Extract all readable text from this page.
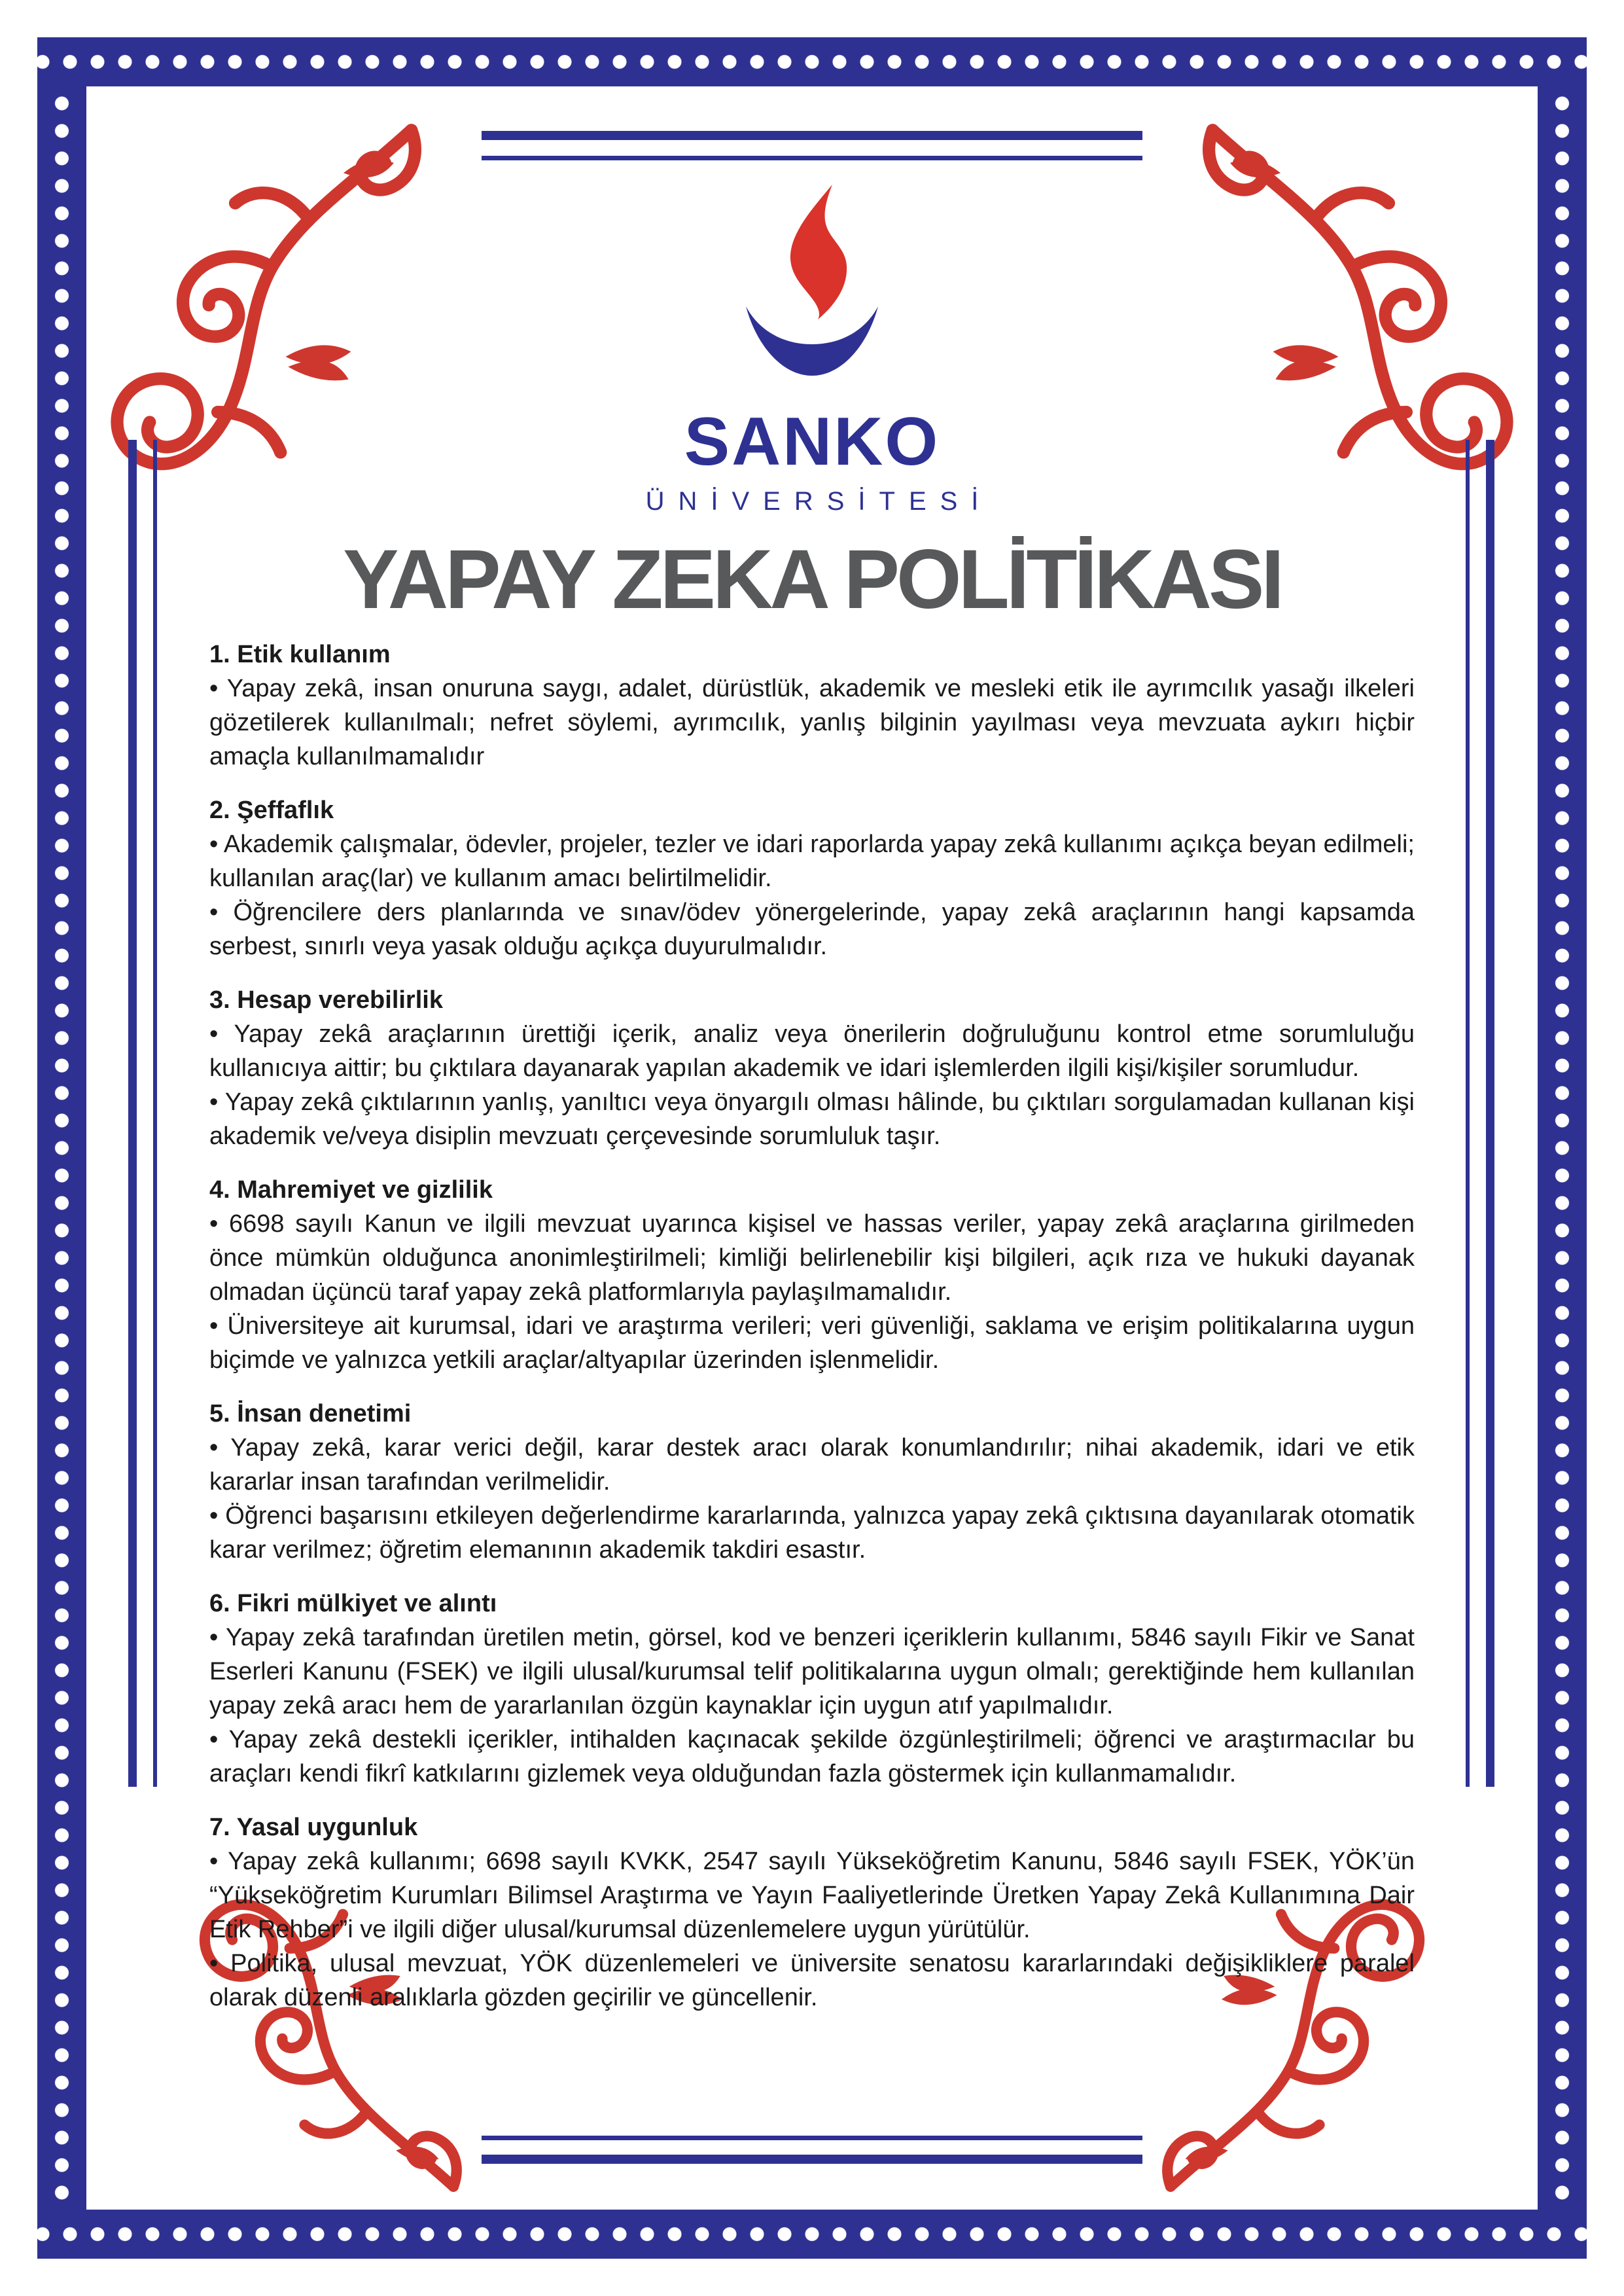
SANKO
ÜNİVERSİTESİ
YAPAY ZEKA POLİTİKASI
1. Etik kullanım

• Yapay zekâ, insan onuruna saygı, adalet, dürüstlük, akademik ve mesleki etik ile ayrımcılık yasağı ilkeleri gözetilerek kullanılmalı; nefret söylemi, ayrımcılık, yanlış bilginin yayılması veya mevzuata aykırı hiçbir amaçla kullanılmamalıdır

2. Şeffaflık

• Akademik çalışmalar, ödevler, projeler, tezler ve idari raporlarda yapay zekâ kullanımı açıkça beyan edilmeli; kullanılan araç(lar) ve kullanım amacı belirtilmelidir.

• Öğrencilere ders planlarında ve sınav/ödev yönergelerinde, yapay zekâ araçlarının hangi kapsamda serbest, sınırlı veya yasak olduğu açıkça duyurulmalıdır.

3. Hesap verebilirlik

• Yapay zekâ araçlarının ürettiği içerik, analiz veya önerilerin doğruluğunu kontrol etme sorumluluğu kullanıcıya aittir; bu çıktılara dayanarak yapılan akademik ve idari işlemlerden ilgili kişi/kişiler sorumludur.

• Yapay zekâ çıktılarının yanlış, yanıltıcı veya önyargılı olması hâlinde, bu çıktıları sorgulamadan kullanan kişi akademik ve/veya disiplin mevzuatı çerçevesinde sorumluluk taşır.

4. Mahremiyet ve gizlilik

• 6698 sayılı Kanun ve ilgili mevzuat uyarınca kişisel ve hassas veriler, yapay zekâ araçlarına girilmeden önce mümkün olduğunca anonimleştirilmeli; kimliği belirlenebilir kişi bilgileri, açık rıza ve hukuki dayanak olmadan üçüncü taraf yapay zekâ platformlarıyla paylaşılmamalıdır.

• Üniversiteye ait kurumsal, idari ve araştırma verileri; veri güvenliği, saklama ve erişim politikalarına uygun biçimde ve yalnızca yetkili araçlar/altyapılar üzerinden işlenmelidir.

5. İnsan denetimi

• Yapay zekâ, karar verici değil, karar destek aracı olarak konumlandırılır; nihai akademik, idari ve etik kararlar insan tarafından verilmelidir.

• Öğrenci başarısını etkileyen değerlendirme kararlarında, yalnızca yapay zekâ çıktısına dayanılarak otomatik karar verilmez; öğretim elemanının akademik takdiri esastır.

6. Fikri mülkiyet ve alıntı

• Yapay zekâ tarafından üretilen metin, görsel, kod ve benzeri içeriklerin kullanımı, 5846 sayılı Fikir ve Sanat Eserleri Kanunu (FSEK) ve ilgili ulusal/kurumsal telif politikalarına uygun olmalı; gerektiğinde hem kullanılan yapay zekâ aracı hem de yararlanılan özgün kaynaklar için uygun atıf yapılmalıdır.

• Yapay zekâ destekli içerikler, intihalden kaçınacak şekilde özgünleştirilmeli; öğrenci ve araştırmacılar bu araçları kendi fikrî katkılarını gizlemek veya olduğundan fazla göstermek için kullanmamalıdır.

7. Yasal uygunluk

• Yapay zekâ kullanımı; 6698 sayılı KVKK, 2547 sayılı Yükseköğretim Kanunu, 5846 sayılı FSEK, YÖK’ün “Yükseköğretim Kurumları Bilimsel Araştırma ve Yayın Faaliyetlerinde Üretken Yapay Zekâ Kullanımına Dair Etik Rehber”i ve ilgili diğer ulusal/kurumsal düzenlemelere uygun yürütülür.

• Politika, ulusal mevzuat, YÖK düzenlemeleri ve üniversite senatosu kararlarındaki değişikliklere paralel olarak düzenli aralıklarla gözden geçirilir ve güncellenir.
